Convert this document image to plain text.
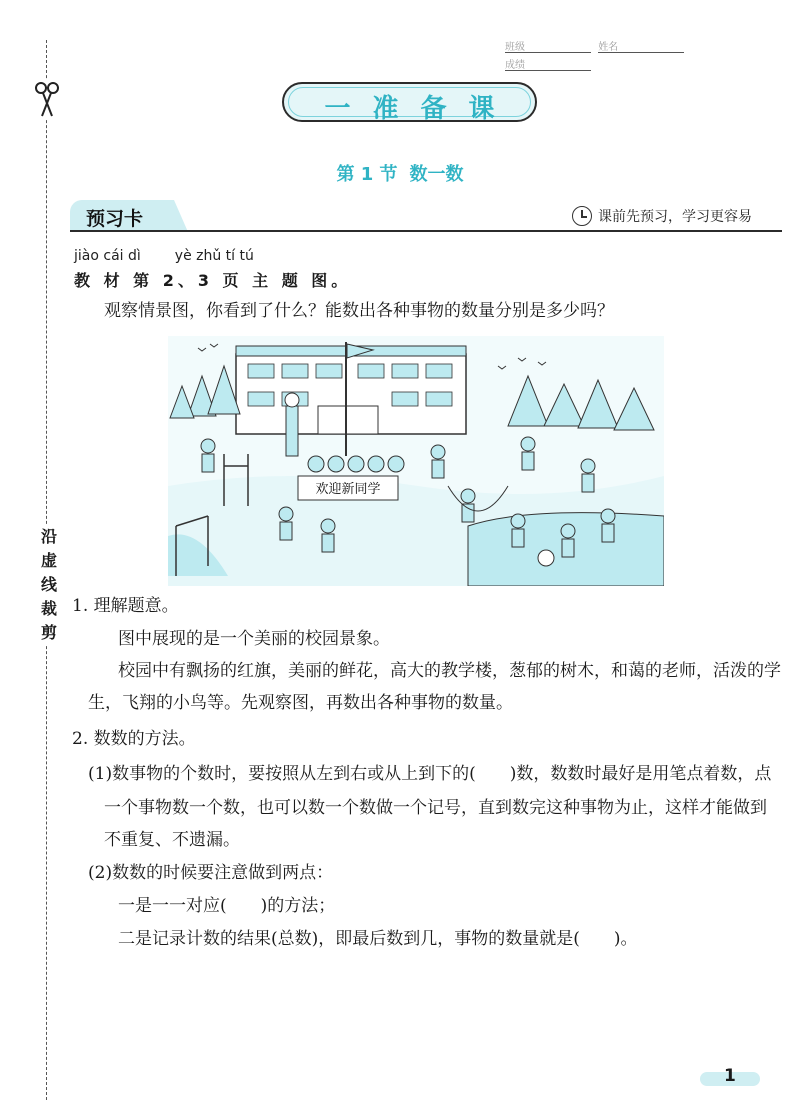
沿
虚
线
裁
剪
班级	姓名 成绩
一准备课
第 1 节 数一数
预习卡	课前先预习，学习更容易
jiào cái dì yè zhǔ tí tú
教 材 第 2、3 页 主 题 图。
观察情景图，你看到了什么？能数出各种事物的数量分别是多少吗？
欢迎新同学
1. 理解题意。
图中展现的是一个美丽的校园景象。
校园中有飘扬的红旗，美丽的鲜花，高大的教学楼，葱郁的树木，和蔼的老师，活泼的学
生，飞翔的小鸟等。先观察图，再数出各种事物的数量。
2. 数数的方法。
(1)数事物的个数时，要按照从左到右或从上到下的( )数，数数时最好是用笔点着数，点
一个事物数一个数，也可以数一个数做一个记号，直到数完这种事物为止，这样才能做到
不重复、不遗漏。
(2)数数的时候要注意做到两点：
一是一一对应( )的方法；
二是记录计数的结果(总数)，即最后数到几，事物的数量就是( )。
1
